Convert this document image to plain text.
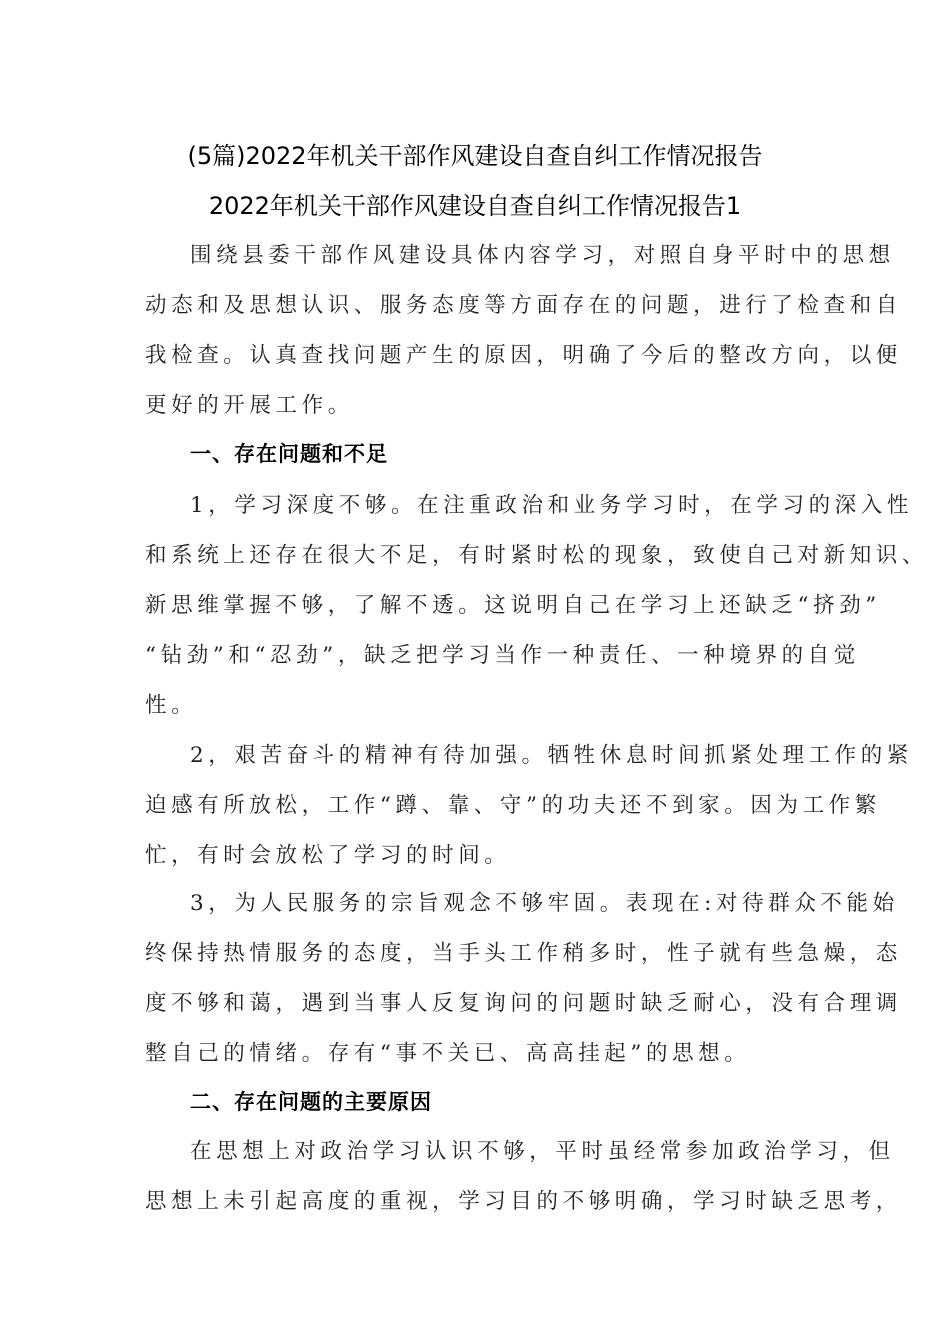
(5篇)2022年机关干部作风建设自查自纠工作情况报告
2022年机关干部作风建设自查自纠工作情况报告1
围绕县委干部作风建设具体内容学习，对照自身平时中的思想
动态和及思想认识、服务态度等方面存在的问题，进行了检查和自
我检查。认真查找问题产生的原因，明确了今后的整改方向，以便
更好的开展工作。
一、存在问题和不足
1，学习深度不够。在注重政治和业务学习时，在学习的深入性
和系统上还存在很大不足，有时紧时松的现象，致使自己对新知识、
新思维掌握不够，了解不透。这说明自己在学习上还缺乏“挤劲”
“钻劲”和“忍劲”，缺乏把学习当作一种责任、一种境界的自觉
性。
2，艰苦奋斗的精神有待加强。牺牲休息时间抓紧处理工作的紧
迫感有所放松，工作“蹲、靠、守”的功夫还不到家。因为工作繁
忙，有时会放松了学习的时间。
3，为人民服务的宗旨观念不够牢固。表现在:对待群众不能始
终保持热情服务的态度，当手头工作稍多时，性子就有些急燥，态
度不够和蔼，遇到当事人反复询问的问题时缺乏耐心，没有合理调
整自己的情绪。存有“事不关已、高高挂起”的思想。
二、存在问题的主要原因
在思想上对政治学习认识不够，平时虽经常参加政治学习，但
思想上未引起高度的重视，学习目的不够明确，学习时缺乏思考，
